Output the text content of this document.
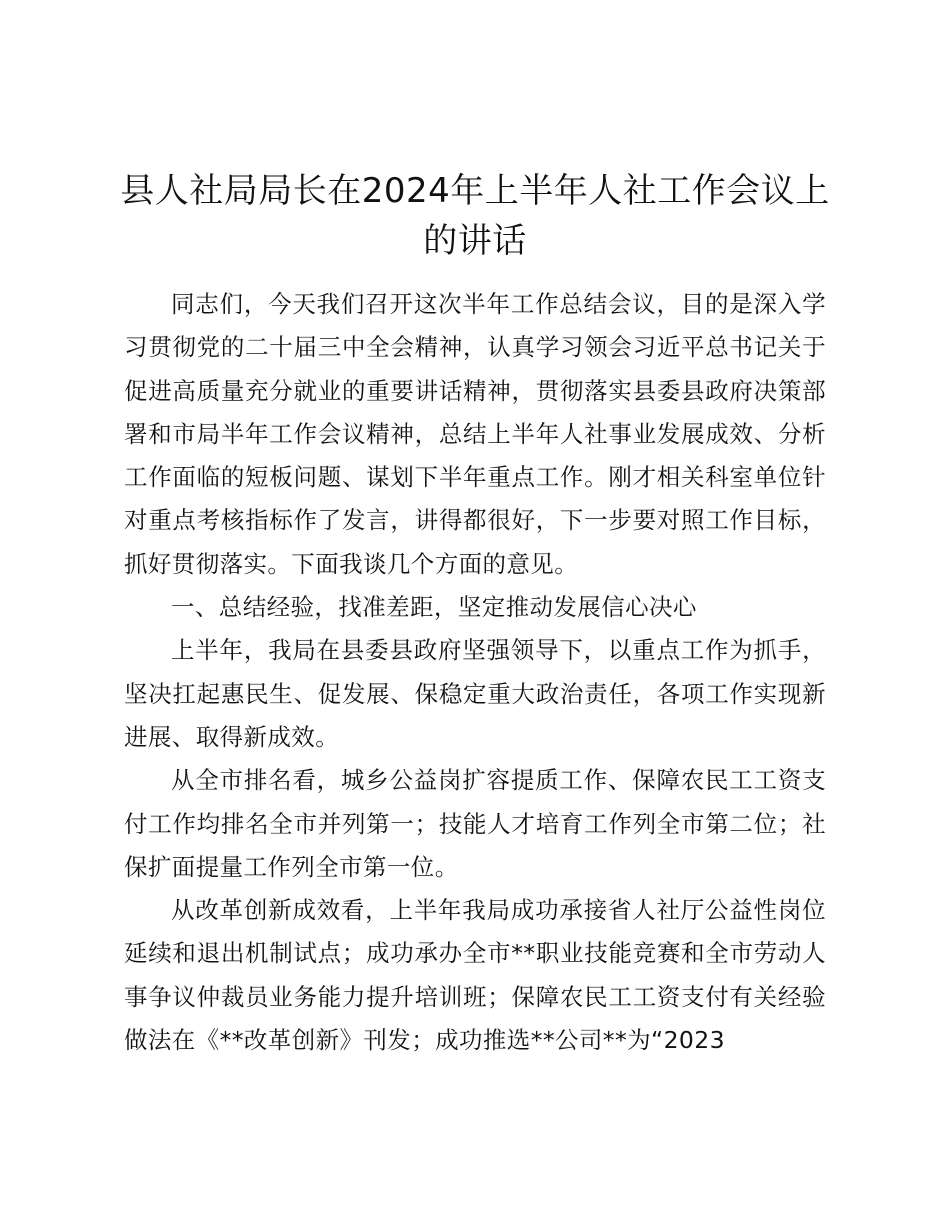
县人社局局长在2024年上半年人社工作会议上的讲话

同志们，今天我们召开这次半年工作总结会议，目的是深入学习贯彻党的二十届三中全会精神，认真学习领会习近平总书记关于促进高质量充分就业的重要讲话精神，贯彻落实县委县政府决策部署和市局半年工作会议精神，总结上半年人社事业发展成效、分析工作面临的短板问题、谋划下半年重点工作。刚才相关科室单位针对重点考核指标作了发言，讲得都很好，下一步要对照工作目标，抓好贯彻落实。下面我谈几个方面的意见。

一、总结经验，找准差距，坚定推动发展信心决心

上半年，我局在县委县政府坚强领导下，以重点工作为抓手，坚决扛起惠民生、促发展、保稳定重大政治责任，各项工作实现新进展、取得新成效。

从全市排名看，城乡公益岗扩容提质工作、保障农民工工资支付工作均排名全市并列第一；技能人才培育工作列全市第二位；社保扩面提量工作列全市第一位。

从改革创新成效看，上半年我局成功承接省人社厅公益性岗位延续和退出机制试点；成功承办全市**职业技能竞赛和全市劳动人事争议仲裁员业务能力提升培训班；保障农民工工资支付有关经验做法在《**改革创新》刊发；成功推选**公司**为“2023
